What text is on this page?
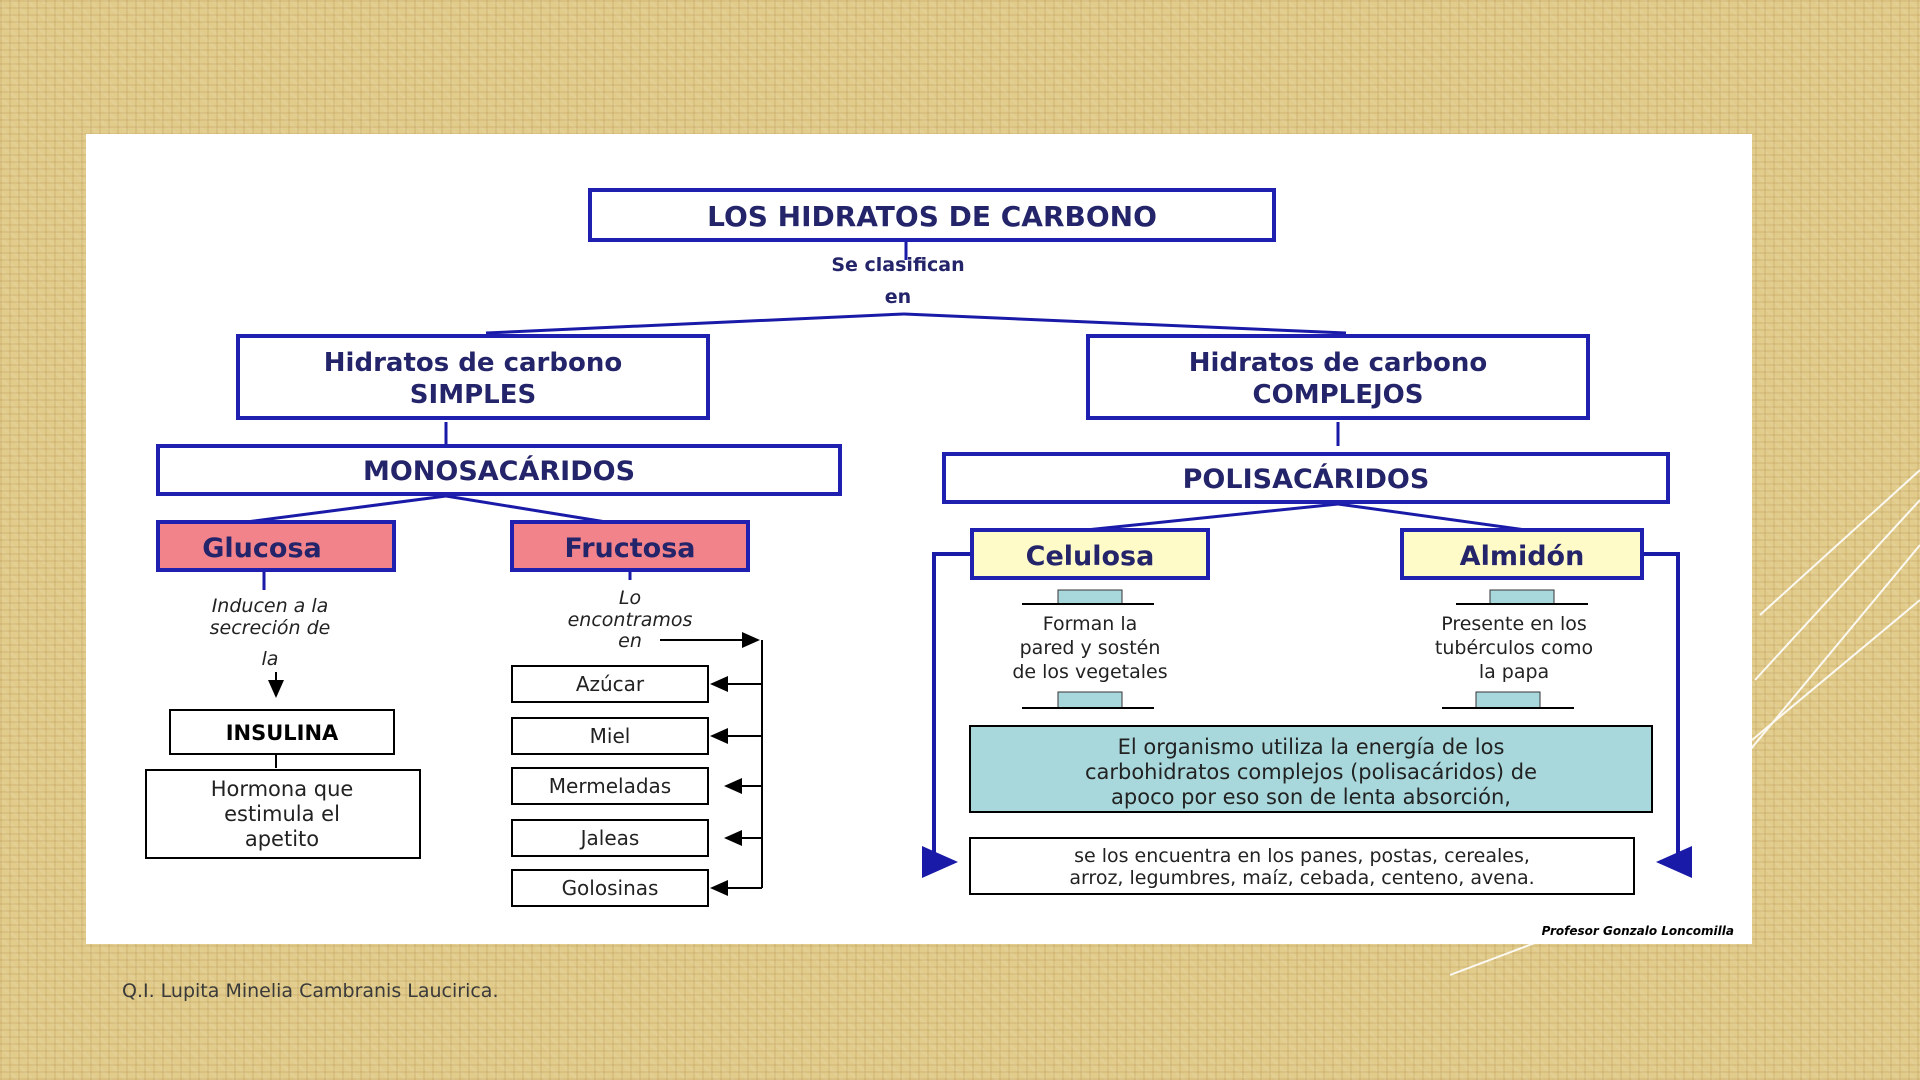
LOS HIDRATOS DE CARBONO
Se clasifican
en
Hidratos de carbono
SIMPLES
Hidratos de carbono
COMPLEJOS
MONOSACÁRIDOS	POLISACÁRIDOS
Glucosa	Fructosa	Celulosa	Almidón
Inducen a la
secreción de
la
INSULINA
Hormona que
estimula el
apetito
Lo
encontramos
en
Azúcar
Miel
Mermeladas
Jaleas
Golosinas
Forman la
pared y sostén
de los vegetales
Presente en los
tubérculos como
la papa
El organismo utiliza la energía de los
carbohidratos complejos (polisacáridos) de
apoco por eso son de lenta absorción,
se los encuentra en los panes, postas, cereales,
arroz, legumbres, maíz, cebada, centeno, avena.
Profesor Gonzalo Loncomilla
Q.I. Lupita Minelia Cambranis Laucirica.
